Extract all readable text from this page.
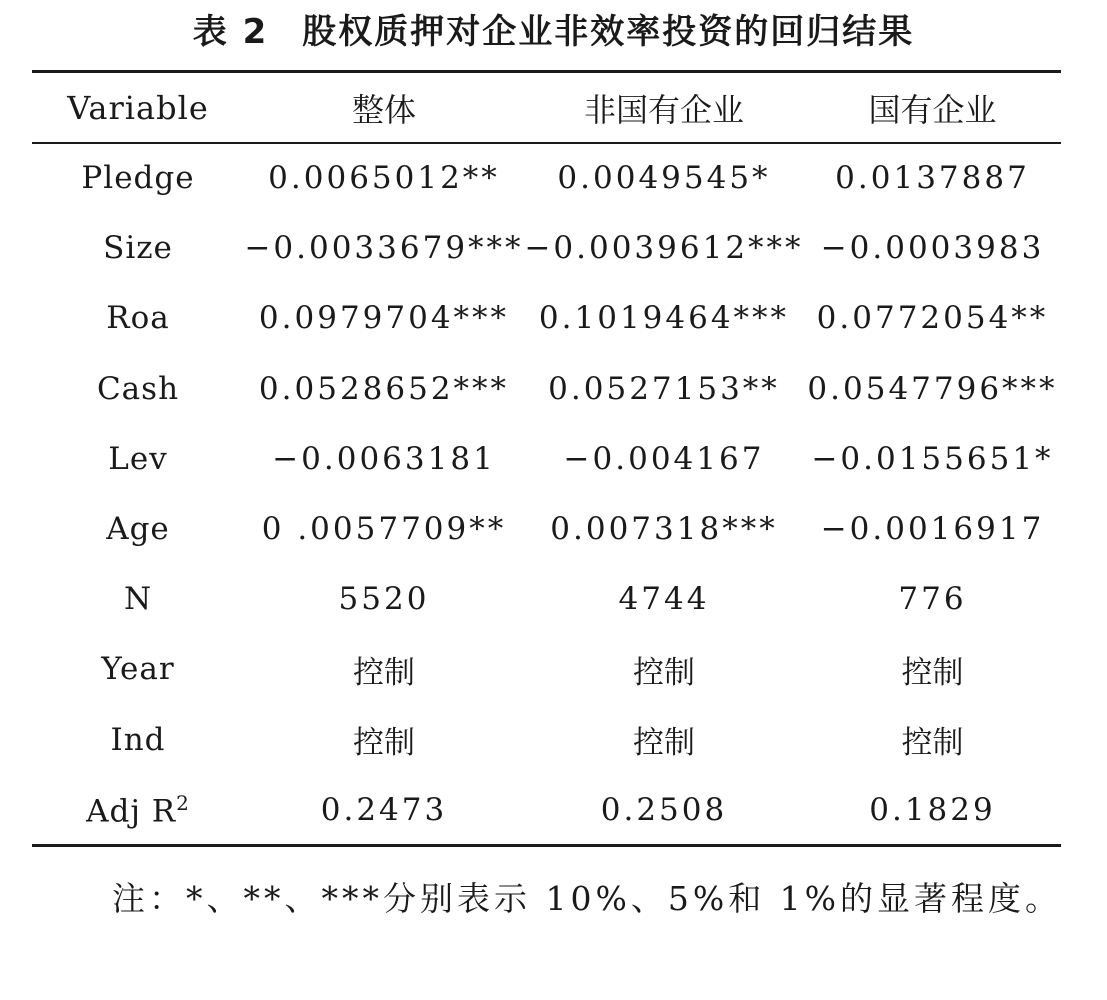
表 2 股权质押对企业非效率投资的回归结果
Variable	整体	非国有企业	国有企业
Pledge	0.0065012**	0.0049545*	0.0137887
Size	−0.0033679***	−0.0039612***	−0.0003983
Roa	0.0979704***	0.1019464***	0.0772054**
Cash	0.0528652***	0.0527153**	0.0547796***
Lev	−0.0063181	−0.004167	−0.0155651*
Age	0 .0057709**	0.007318***	−0.0016917
N	5520	4744	776
Year	控制	控制	控制
Ind	控制	控制	控制
Adj $R^2$	0.2473	0.2508	0.1829
注：*、**、***分别表示 10%、5%和 1%的显著程度。
